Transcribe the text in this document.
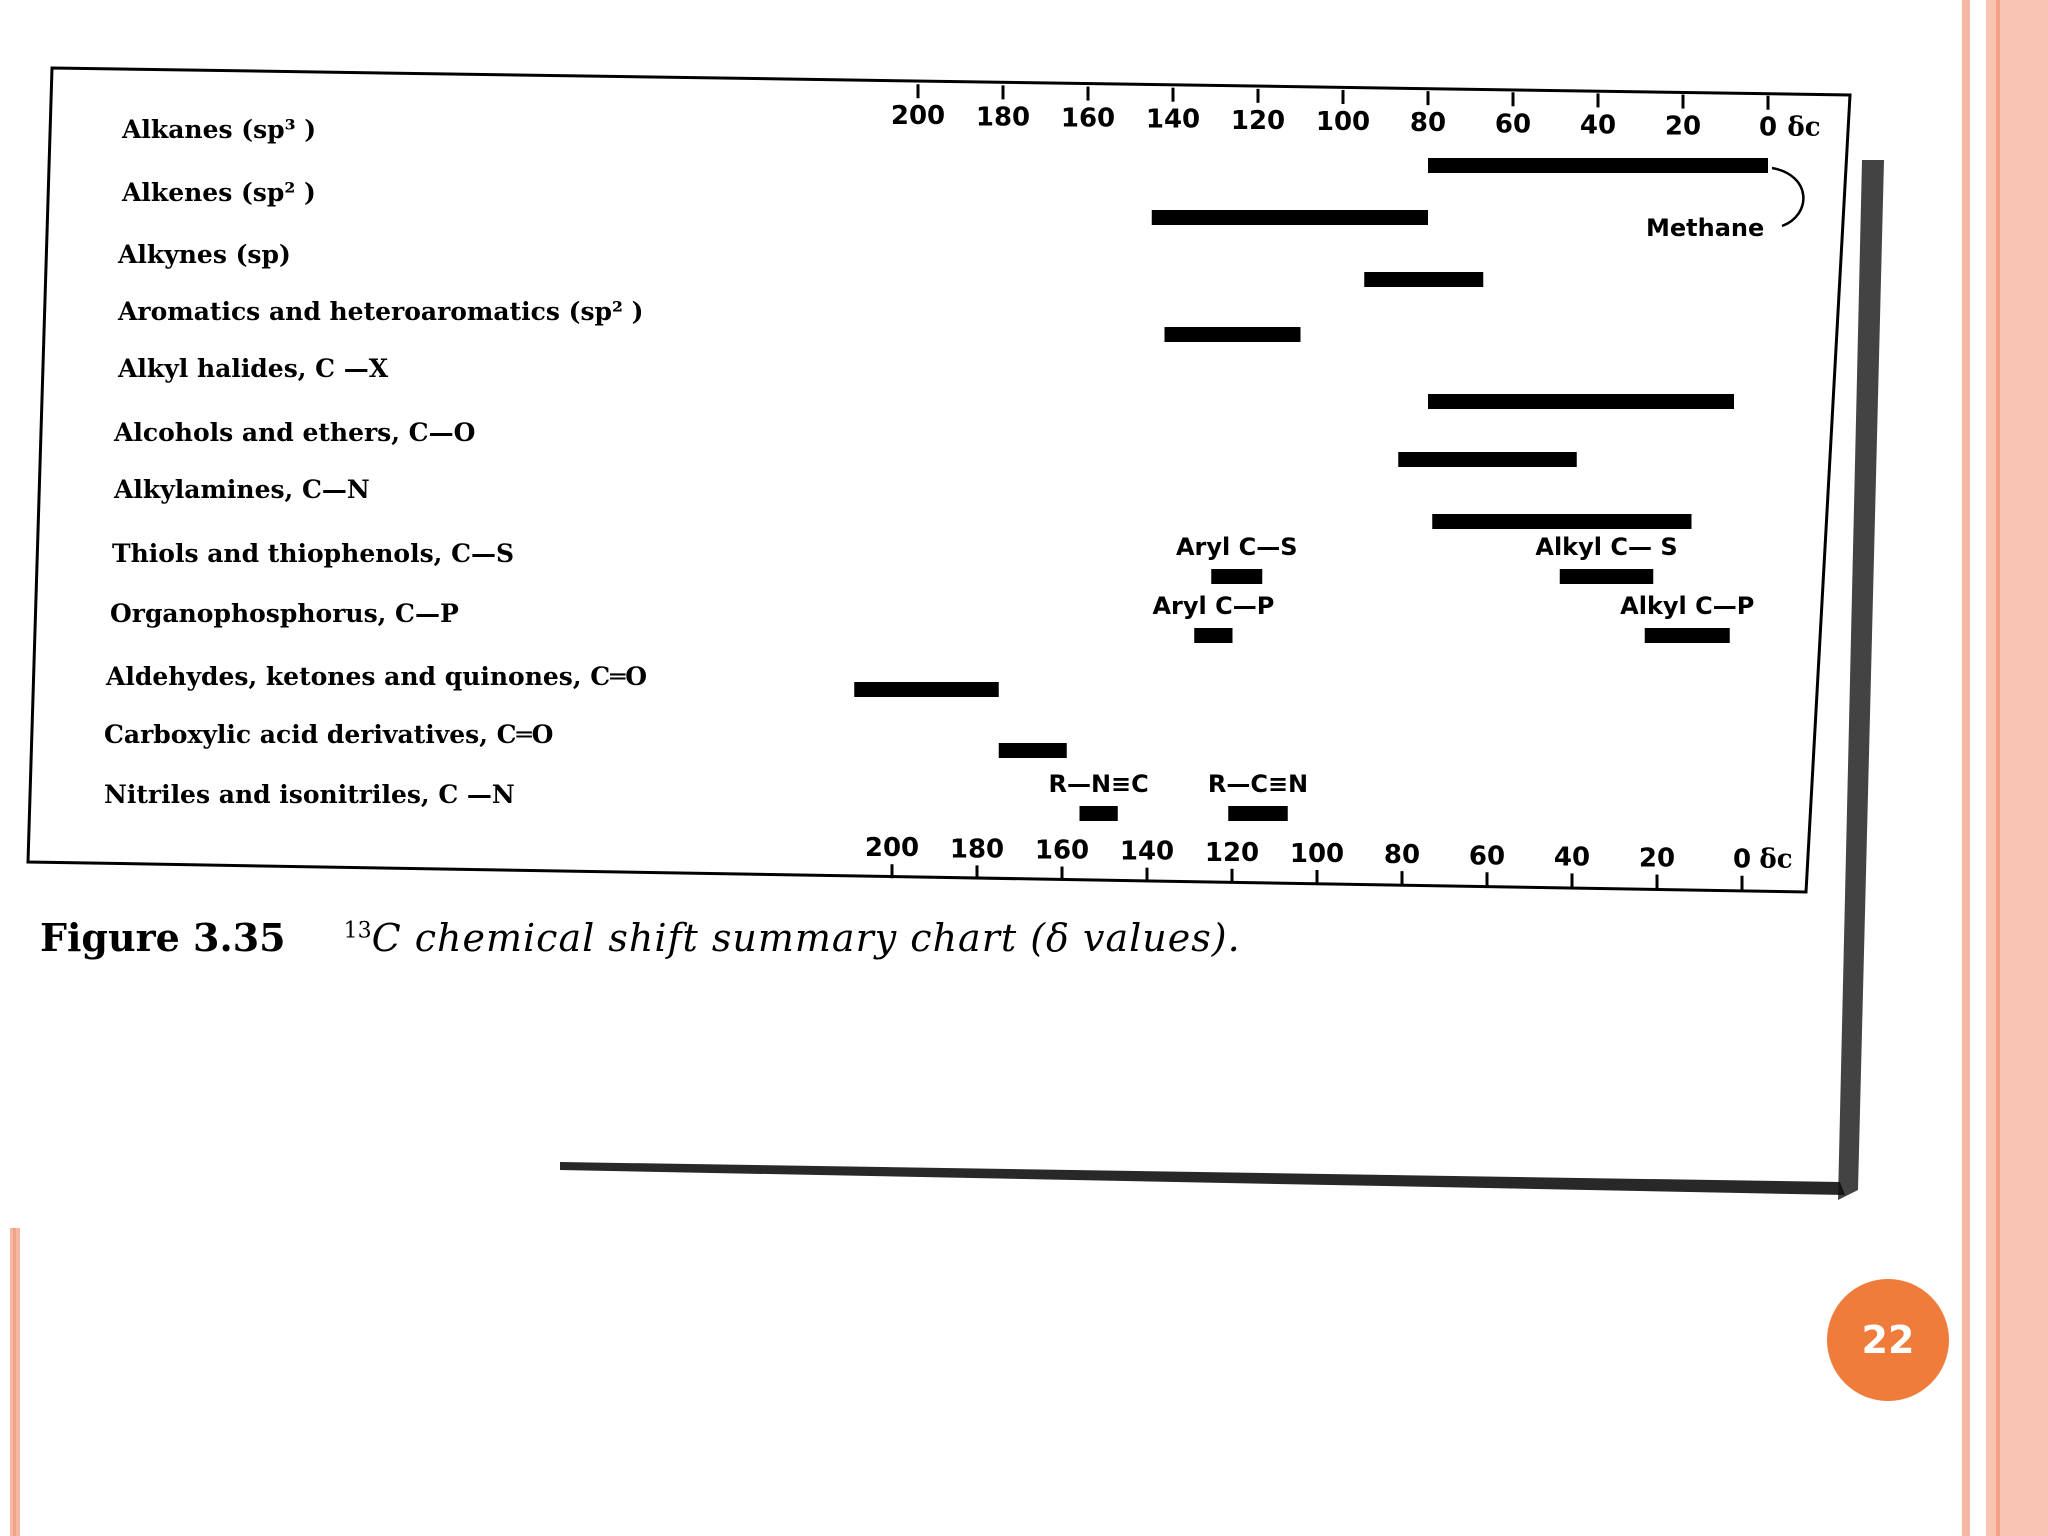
200 180 160 140 120 100 80 60 40 20 0 δc
200 180 160 140 120 100 80 60 40 20 0 δc
Alkanes (sp³ )
Alkenes (sp² )
Alkynes (sp)
Aromatics and heteroaromatics (sp² )
Alkyl halides, C —X
Alcohols and ethers, C—O
Alkylamines, C—N
Thiols and thiophenols, C—S
Organophosphorus, C—P
Aldehydes, ketones and quinones, C═O
Carboxylic acid derivatives, C═O
Nitriles and isonitriles, C —N
Aryl C—S	Alkyl C— S
Aryl C—P	Alkyl C—P
R—N≡C R—C≡N
Methane
Figure 3.35	$^{13}$C chemical shift summary chart (δ values).
22
